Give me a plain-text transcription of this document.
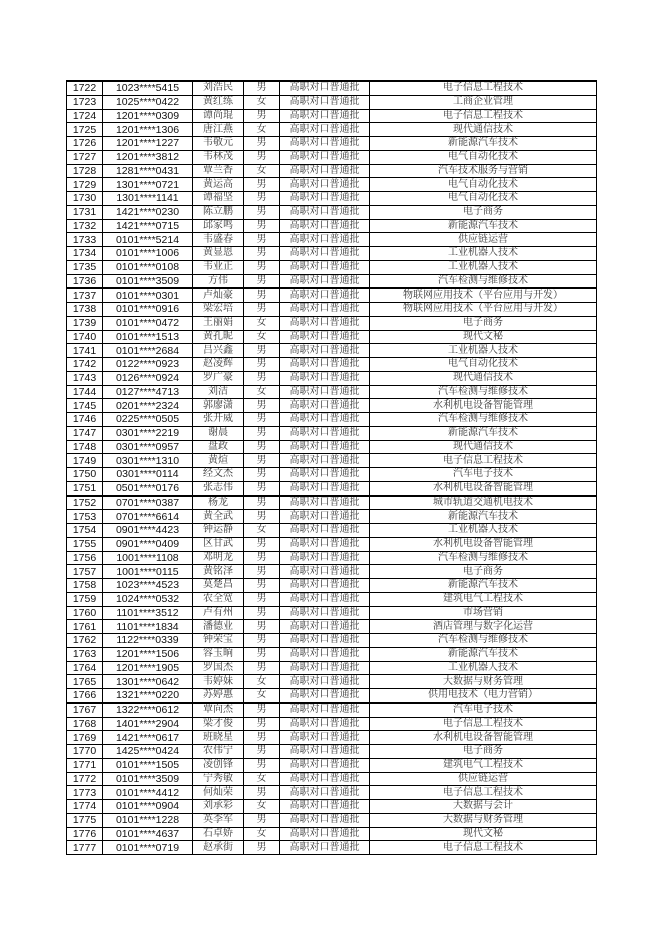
1722	1023****5415	刘浩民	男	高职对口普通批	电子信息工程技术
1723	1025****0422	黄红练	女	高职对口普通批	工商企业管理
1724	1201****0309	谭尚琨	男	高职对口普通批	电子信息工程技术
1725	1201****1306	唐江燕	女	高职对口普通批	现代通信技术
1726	1201****1227	韦敬元	男	高职对口普通批	新能源汽车技术
1727	1201****3812	韦林茂	男	高职对口普通批	电气自动化技术
1728	1281****0431	覃兰香	女	高职对口普通批	汽车技术服务与营销
1729	1301****0721	黄运高	男	高职对口普通批	电气自动化技术
1730	1301****1141	谭福坚	男	高职对口普通批	电气自动化技术
1731	1421****0230	陈立鹏	男	高职对口普通批	电子商务
1732	1421****0715	邱家鸣	男	高职对口普通批	新能源汽车技术
1733	0101****5214	韦盛春	男	高职对口普通批	供应链运营
1734	0101****1006	黄显恩	男	高职对口普通批	工业机器人技术
1735	0101****0108	韦业正	男	高职对口普通批	工业机器人技术
1736	0101****3509	方伟	男	高职对口普通批	汽车检测与维修技术
1737	0101****0301	卢灿豪	男	高职对口普通批	物联网应用技术（平台应用与开发）
1738	0101****0916	梁宏培	男	高职对口普通批	物联网应用技术（平台应用与开发）
1739	0101****0472	王丽娟	女	高职对口普通批	电子商务
1740	0101****1513	黄孔昵	女	高职对口普通批	现代文秘
1741	0101****2684	吕兴鑫	男	高职对口普通批	工业机器人技术
1742	0122****0923	赵凌辉	男	高职对口普通批	电气自动化技术
1743	0126****0924	罗广豪	男	高职对口普通批	现代通信技术
1744	0127****4713	刘洁	女	高职对口普通批	汽车检测与维修技术
1745	0201****2324	郭廖潇	男	高职对口普通批	水利机电设备智能管理
1746	0225****0505	张开威	男	高职对口普通批	汽车检测与维修技术
1747	0301****2219	谢晨	男	高职对口普通批	新能源汽车技术
1748	0301****0957	盘政	男	高职对口普通批	现代通信技术
1749	0301****1310	黄煊	男	高职对口普通批	电子信息工程技术
1750	0301****0114	经文杰	男	高职对口普通批	汽车电子技术
1751	0501****0176	张志伟	男	高职对口普通批	水利机电设备智能管理
1752	0701****0387	杨龙	男	高职对口普通批	城市轨道交通机电技术
1753	0701****6614	黄全武	男	高职对口普通批	新能源汽车技术
1754	0901****4423	钟运静	女	高职对口普通批	工业机器人技术
1755	0901****0409	区甘武	男	高职对口普通批	水利机电设备智能管理
1756	1001****1108	邓明龙	男	高职对口普通批	汽车检测与维修技术
1757	1001****0115	黄铭泽	男	高职对口普通批	电子商务
1758	1023****4523	莫楚昌	男	高职对口普通批	新能源汽车技术
1759	1024****0532	农全宽	男	高职对口普通批	建筑电气工程技术
1760	1101****3512	卢有州	男	高职对口普通批	市场营销
1761	1101****1834	潘德业	男	高职对口普通批	酒店管理与数字化运营
1762	1122****0339	钟荣宝	男	高职对口普通批	汽车检测与维修技术
1763	1201****1506	容玉晌	男	高职对口普通批	新能源汽车技术
1764	1201****1905	罗国杰	男	高职对口普通批	工业机器人技术
1765	1301****0642	韦婷妹	女	高职对口普通批	大数据与财务管理
1766	1321****0220	苏婷惠	女	高职对口普通批	供用电技术（电力营销）
1767	1322****0612	覃向杰	男	高职对口普通批	汽车电子技术
1768	1401****2904	梁才俊	男	高职对口普通批	电子信息工程技术
1769	1421****0617	班晓星	男	高职对口普通批	水利机电设备智能管理
1770	1425****0424	农伟宁	男	高职对口普通批	电子商务
1771	0101****1505	凌创锋	男	高职对口普通批	建筑电气工程技术
1772	0101****3509	宁秀敏	女	高职对口普通批	供应链运营
1773	0101****4412	何灿荣	男	高职对口普通批	电子信息工程技术
1774	0101****0904	刘承彩	女	高职对口普通批	大数据与会计
1775	0101****1228	英李军	男	高职对口普通批	大数据与财务管理
1776	0101****4637	石卓娇	女	高职对口普通批	现代文秘
1777	0101****0719	赵承街	男	高职对口普通批	电子信息工程技术
